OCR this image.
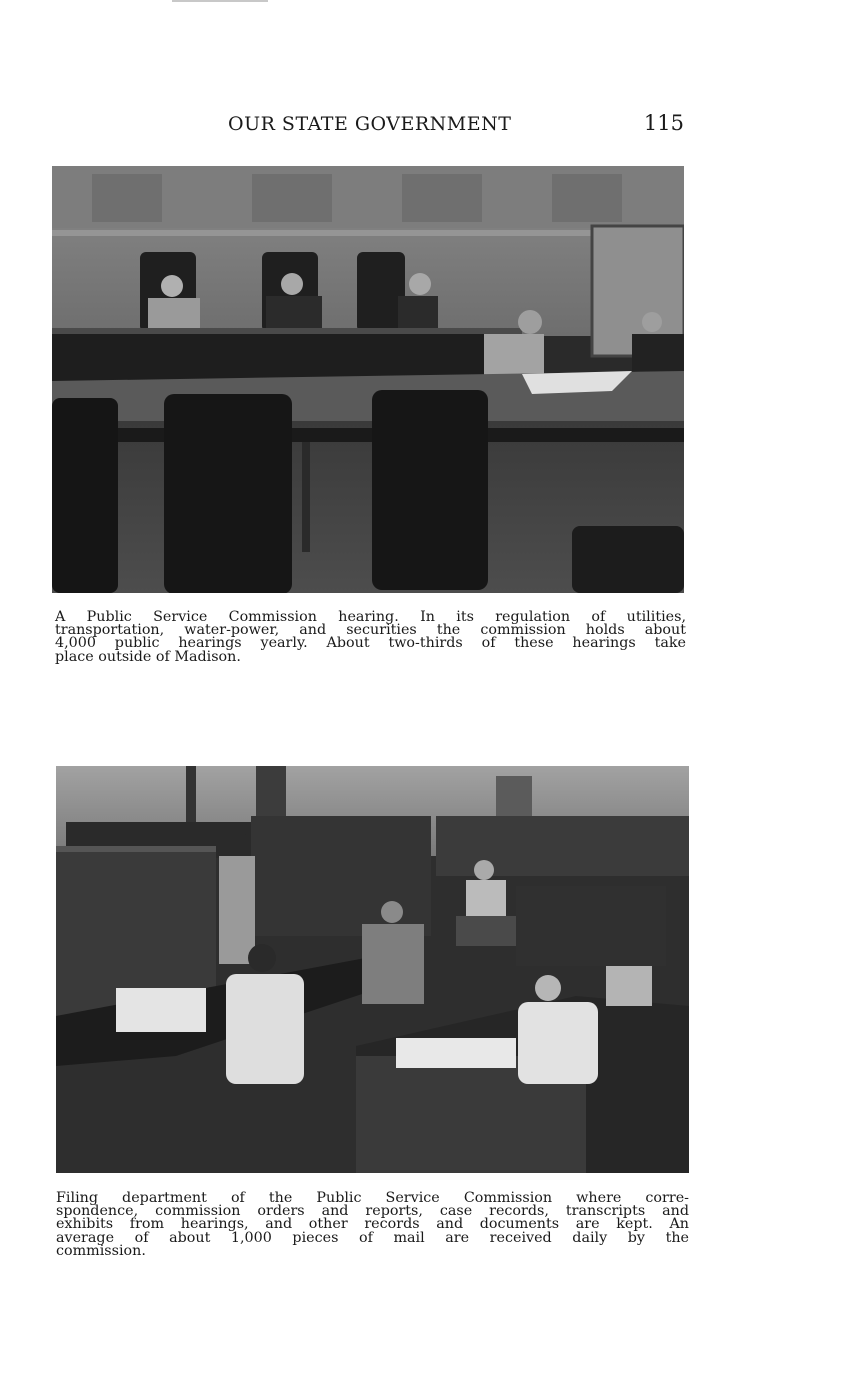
OUR STATE GOVERNMENT	115
A Public Service Commission hearing. In its regulation of utilities,
transportation, water-power, and securities the commission holds about
4,000 public hearings yearly. About two-thirds of these hearings take
place outside of Madison.
Filing department of the Public Service Commission where corre-
spondence, commission orders and reports, case records, transcripts and
exhibits from hearings, and other records and documents are kept. An
average of about 1,000 pieces of mail are received daily by the
commission.
